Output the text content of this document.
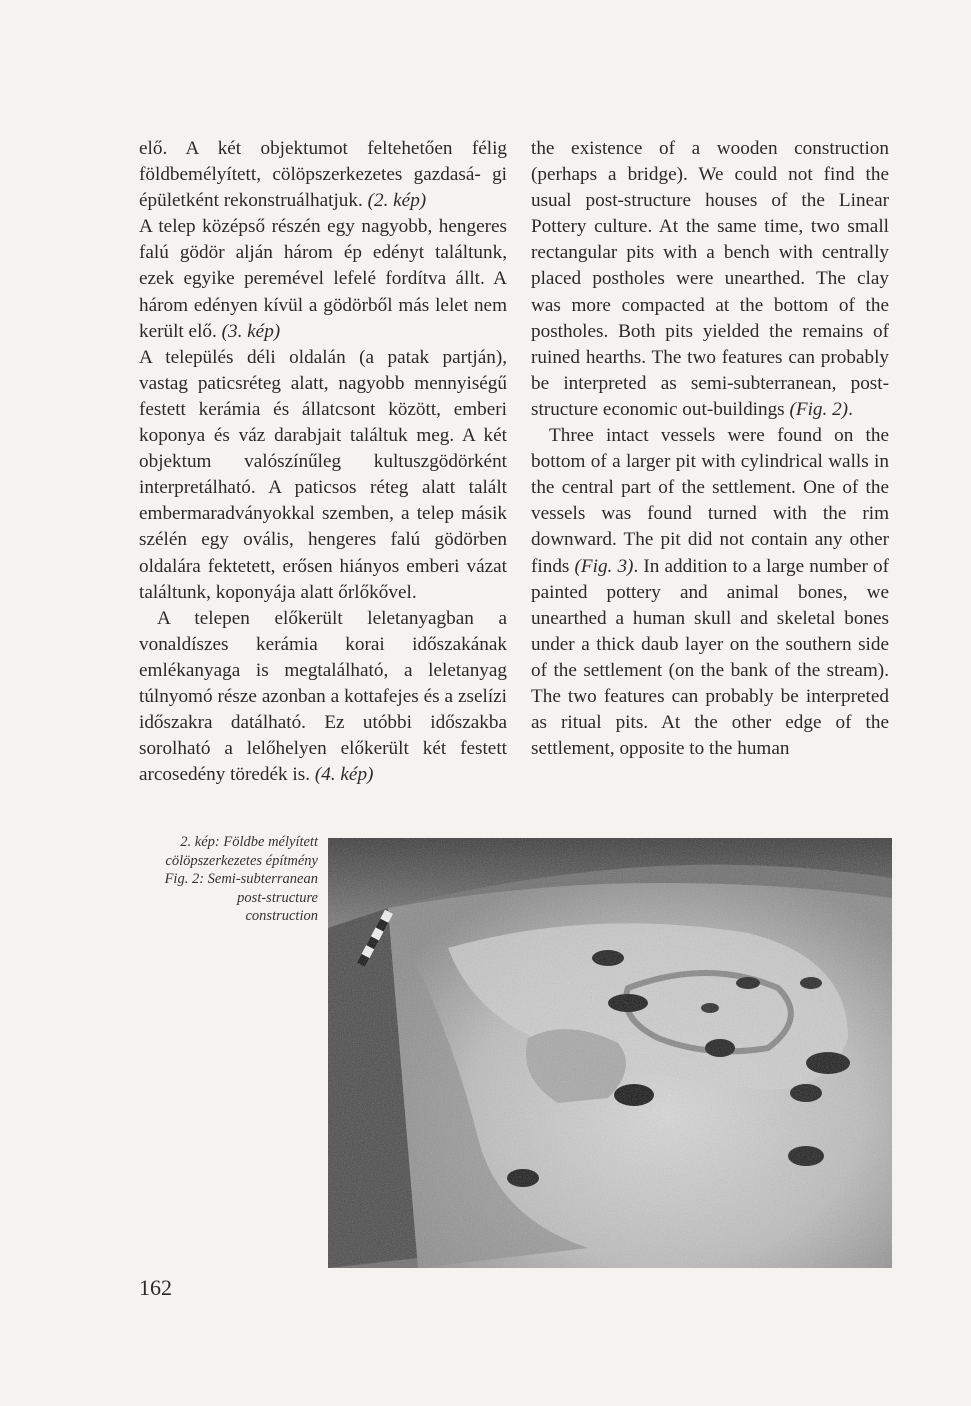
elő. A két objektumot feltehetően félig földbemélyített, cölöpszerkezetes gazdasá- gi épületként rekonstruálhatjuk. (2. kép)

A telep középső részén egy nagyobb, hengeres falú gödör alján három ép edényt találtunk, ezek egyike peremével lefelé fordítva állt. A három edényen kívül a gödörből más lelet nem került elő. (3. kép)

A település déli oldalán (a patak partján), vastag paticsréteg alatt, nagyobb mennyiségű festett kerámia és állatcsont között, emberi koponya és váz darabjait találtuk meg. A két objektum valószínűleg kultuszgödörként interpretálható. A paticsos réteg alatt talált embermaradványokkal szemben, a telep másik szélén egy ovális, hengeres falú gödörben oldalára fektetett, erősen hiányos emberi vázat találtunk, koponyája alatt őrlőkővel.

A telepen előkerült leletanyagban a vonaldíszes kerámia korai időszakának emlékanyaga is megtalálható, a leletanyag túlnyomó része azonban a kottafejes és a zselízi időszakra datálható. Ez utóbbi időszakba sorolható a lelőhelyen előkerült két festett arcosedény töredék is. (4. kép)

the existence of a wooden construction (perhaps a bridge). We could not find the usual post-structure houses of the Linear Pottery culture. At the same time, two small rectangular pits with a bench with centrally placed postholes were unearthed. The clay was more compacted at the bottom of the postholes. Both pits yielded the remains of ruined hearths. The two features can probably be interpreted as semi-subterranean, post-structure economic out-buildings (Fig. 2).

Three intact vessels were found on the bottom of a larger pit with cylindrical walls in the central part of the settlement. One of the vessels was found turned with the rim downward. The pit did not contain any other finds (Fig. 3). In addition to a large number of painted pottery and animal bones, we unearthed a human skull and skeletal bones under a thick daub layer on the southern side of the settlement (on the bank of the stream). The two features can probably be interpreted as ritual pits. At the other edge of the settlement, opposite to the human

2. kép: Földbe mélyített
cölöpszerkezetes építmény
Fig. 2: Semi-subterranean
post-structure
construction
162
